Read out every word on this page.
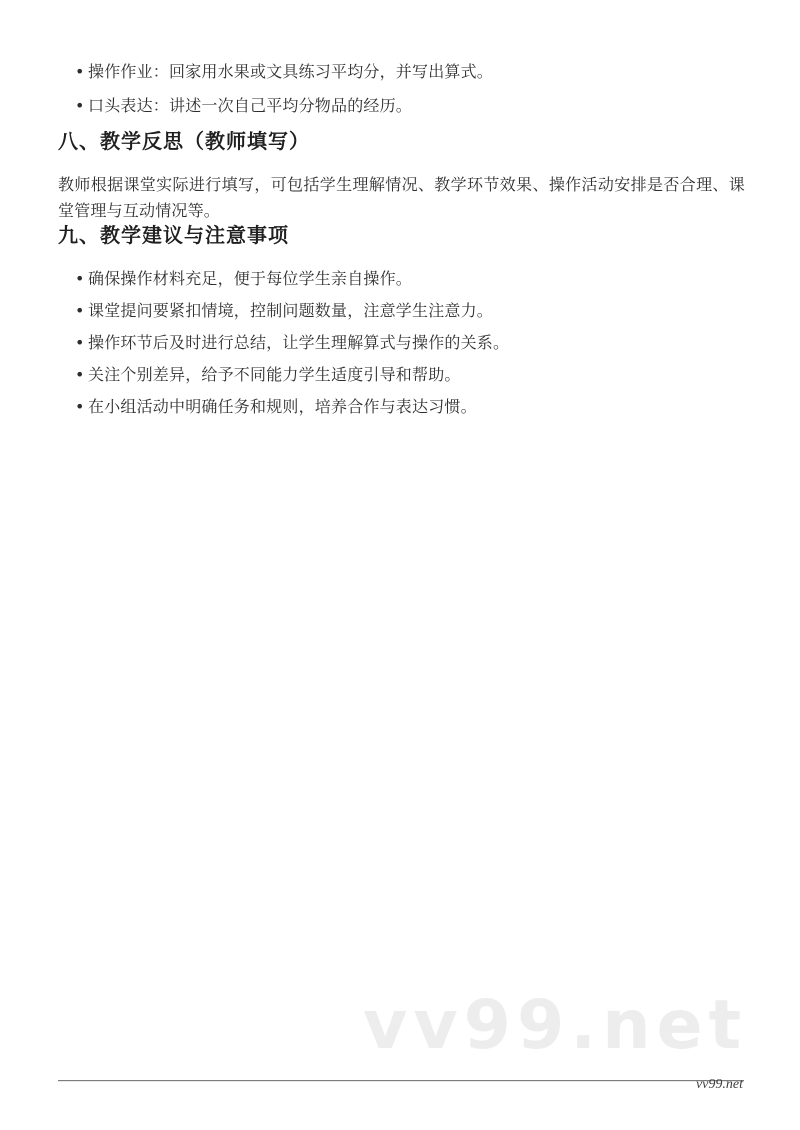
• 操作作业：回家用水果或文具练习平均分，并写出算式。
• 口头表达：讲述一次自己平均分物品的经历。
八、教学反思（教师填写）

教师根据课堂实际进行填写，可包括学生理解情况、教学环节效果、操作活动安排是否合理、课堂管理与互动情况等。

九、教学建议与注意事项
• 确保操作材料充足，便于每位学生亲自操作。
• 课堂提问要紧扣情境，控制问题数量，注意学生注意力。
• 操作环节后及时进行总结，让学生理解算式与操作的关系。
• 关注个别差异，给予不同能力学生适度引导和帮助。
• 在小组活动中明确任务和规则，培养合作与表达习惯。
vv99.net
vv99.net
